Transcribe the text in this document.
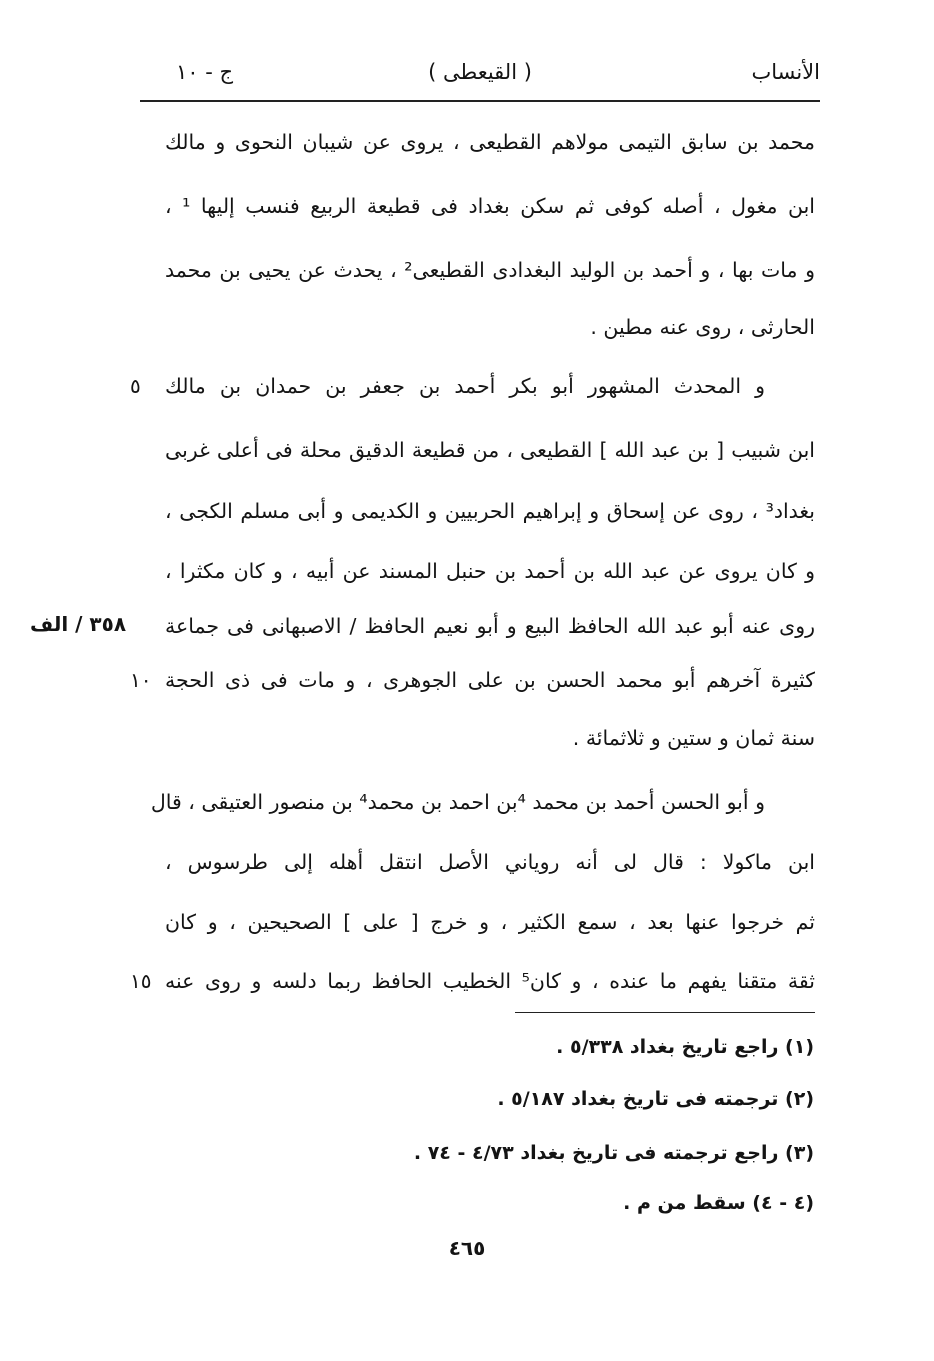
الأنساب
( القيعطى )
ج - ١٠
محمد بن سابق التيمى مولاهم القطيعى ، يروى عن شيبان النحوى و مالك
ابن مغول ، أصله كوفى ثم سكن بغداد فى قطيعة الربيع فنسب إليها ¹ ،
و مات بها ، و أحمد بن الوليد البغدادى القطيعى² ، يحدث عن يحيى بن محمد
الحارثى ، روى عنه مطين .
و المحدث المشهور أبو بكر أحمد بن جعفر بن حمدان بن مالك
٥
ابن شبيب [ بن عبد الله ] القطيعى ، من قطيعة الدقيق محلة فى أعلى غربى
بغداد³ ، روى عن إسحاق و إبراهيم الحربيين و الكديمى و أبى مسلم الكجى ،
و كان يروى عن عبد الله بن أحمد بن حنبل المسند عن أبيه ، و كان مكثرا ،
روى عنه أبو عبد الله الحافظ البيع و أبو نعيم الحافظ / الاصبهانى فى جماعة
٣٥٨ / الف
كثيرة آخرهم أبو محمد الحسن بن على الجوهرى ، و مات فى ذى الحجة
١٠
سنة ثمان و ستين و ثلاثمائة .
و أبو الحسن أحمد بن محمد ⁴بن احمد بن محمد⁴ بن منصور العتيقى ، قال
ابن ماكولا : قال لى أنه روياني الأصل انتقل أهله إلى طرسوس ،
ثم خرجوا عنها بعد ، سمع الكثير ، و خرج [ على ] الصحيحين ، و كان
ثقة متقنا يفهم ما عنده ، و كان⁵ الخطيب الحافظ ربما دلسه و روى عنه
١٥
(١) راجع تاريخ بغداد ٥/٣٣٨ .
(٢) ترجمته فى تاريخ بغداد ٥/١٨٧ .
(٣) راجع ترجمته فى تاريخ بغداد ٤/٧٣ - ٧٤ .
(٤ - ٤) سقط من م .
٤٦٥
